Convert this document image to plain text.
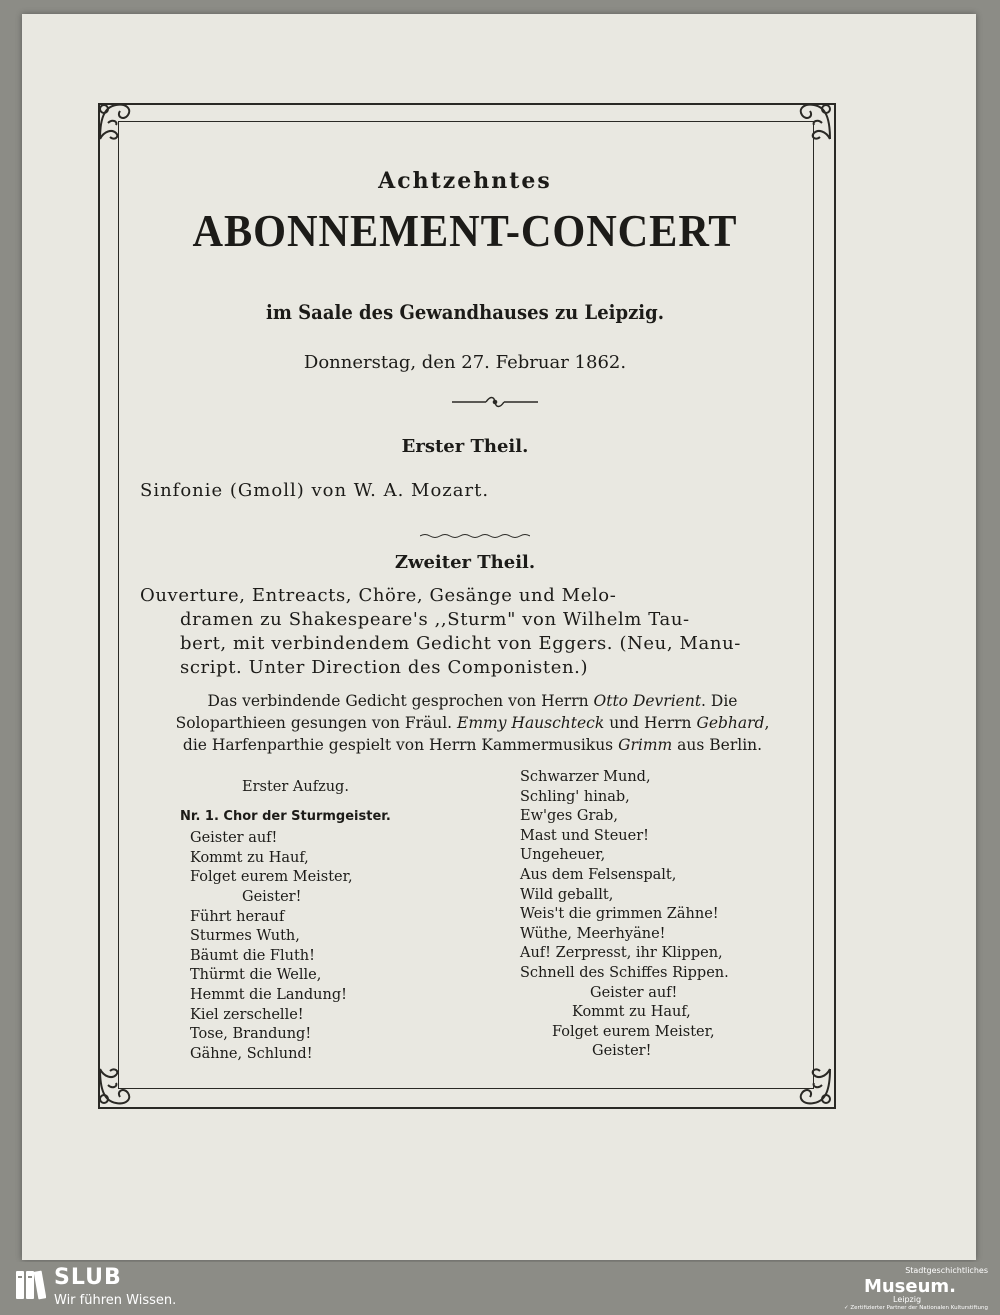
Achtzehntes
ABONNEMENT-CONCERT
im Saale des Gewandhauses zu Leipzig.
Donnerstag, den 27. Februar 1862.
Erster Theil.
Sinfonie (Gmoll) von W. A. Mozart.
Zweiter Theil.
Ouverture, Entreacts, Chöre, Gesänge und Melo-
dramen zu Shakespeare's ,,Sturm" von Wilhelm Tau-
bert, mit verbindendem Gedicht von Eggers. (Neu, Manu-
script. Unter Direction des Componisten.)
Das verbindende Gedicht gesprochen von Herrn Otto Devrient. Die
Soloparthieen gesungen von Fräul. Emmy Hauschteck und Herrn Gebhard,
die Harfenparthie gespielt von Herrn Kammermusikus Grimm aus Berlin.
Erster Aufzug.
Nr. 1. Chor der Sturmgeister.
Geister auf!
Kommt zu Hauf,
Folget eurem Meister,
Geister!
Führt herauf
Sturmes Wuth,
Bäumt die Fluth!
Thürmt die Welle,
Hemmt die Landung!
Kiel zerschelle!
Tose, Brandung!
Gähne, Schlund!
Schwarzer Mund,
Schling' hinab,
Ew'ges Grab,
Mast und Steuer!
Ungeheuer,
Aus dem Felsenspalt,
Wild geballt,
Weis't die grimmen Zähne!
Wüthe, Meerhyäne!
Auf! Zerpresst, ihr Klippen,
Schnell des Schiffes Rippen.
Geister auf!
Kommt zu Hauf,
Folget eurem Meister,
Geister!
SLUB
Wir führen Wissen.
Stadtgeschichtliches
Museum.
Leipzig
✓ Zertifizierter Partner der Nationalen Kulturstiftung
